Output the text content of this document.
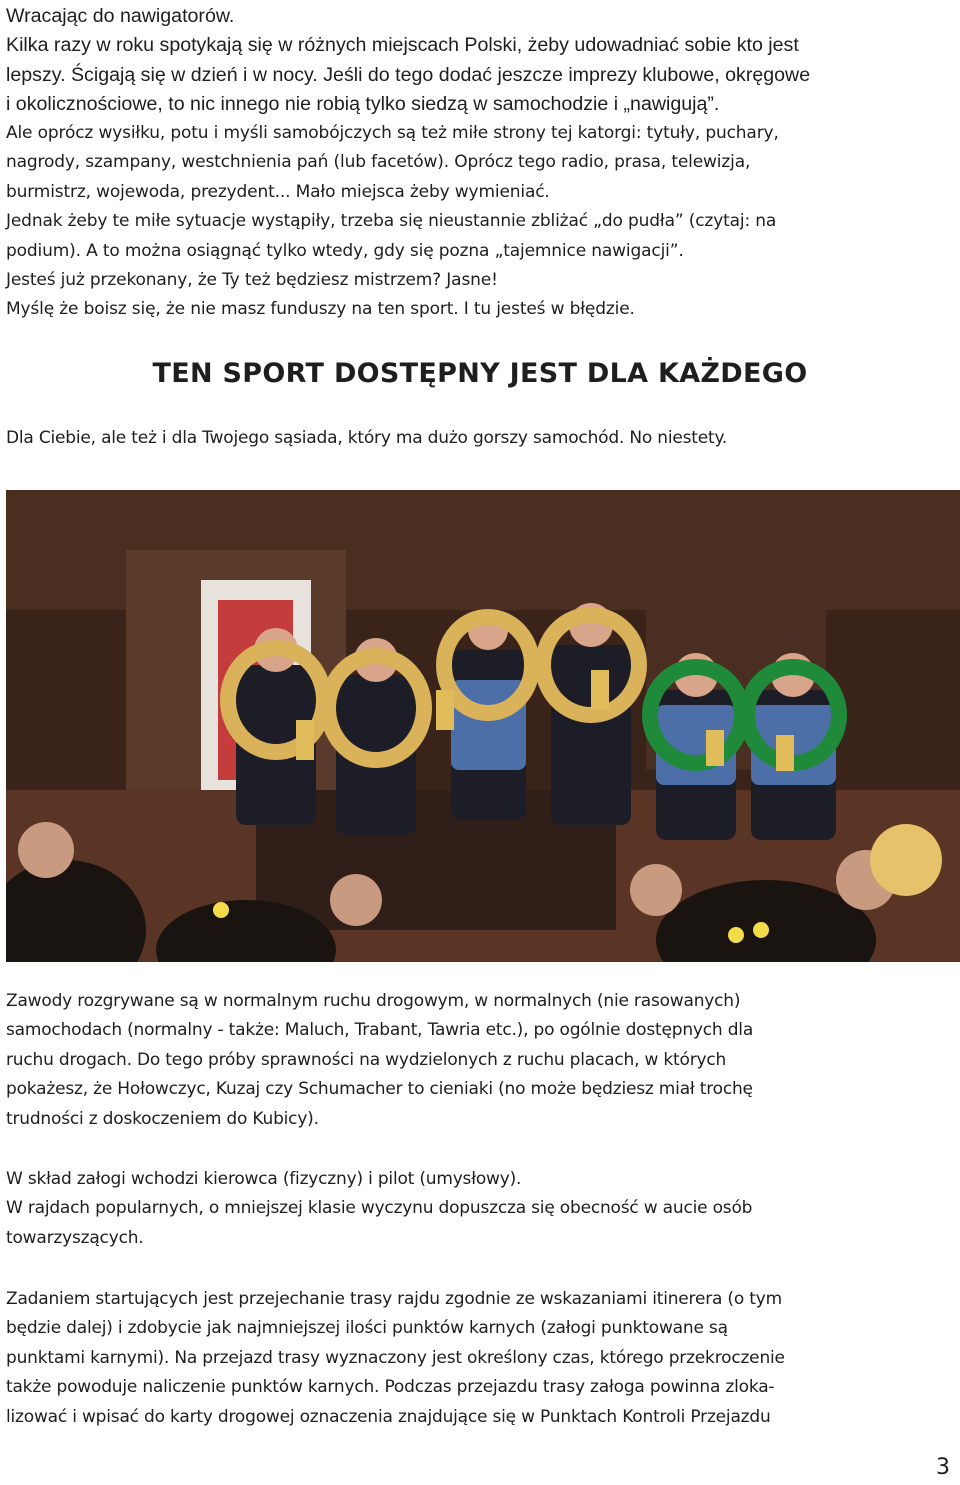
Wracając do nawigatorów.
Kilka razy w roku spotykają się w różnych miejscach Polski, żeby udowadniać sobie kto jest
lepszy. Ścigają się w dzień i w nocy. Jeśli do tego dodać jeszcze imprezy klubowe, okręgowe
i okolicznościowe, to nic innego nie robią tylko siedzą w samochodzie i „nawigują”.
Ale oprócz wysiłku, potu i myśli samobójczych są też miłe strony tej katorgi: tytuły, puchary,
nagrody, szampany, westchnienia pań (lub facetów). Oprócz tego radio, prasa, telewizja,
burmistrz, wojewoda, prezydent... Mało miejsca żeby wymieniać.
Jednak żeby te miłe sytuacje wystąpiły, trzeba się nieustannie zbliżać „do pudła” (czytaj: na
podium). A to można osiągnąć tylko wtedy, gdy się pozna „tajemnice nawigacji”.
Jesteś już przekonany, że Ty też będziesz mistrzem? Jasne!
Myślę że boisz się, że nie masz funduszy na ten sport. I tu jesteś w błędzie.
TEN SPORT DOSTĘPNY JEST DLA KAŻDEGO
Dla Ciebie, ale też i dla Twojego sąsiada, który ma dużo gorszy samochód. No niestety.
Zawody rozgrywane są w normalnym ruchu drogowym, w normalnych (nie rasowanych)
samochodach (normalny - także: Maluch, Trabant, Tawria etc.), po ogólnie dostępnych dla
ruchu drogach. Do tego próby sprawności na wydzielonych z ruchu placach, w których
pokażesz, że Hołowczyc, Kuzaj czy Schumacher to cieniaki (no może będziesz miał trochę
trudności z doskoczeniem do Kubicy).
W skład załogi wchodzi kierowca (fizyczny) i pilot (umysłowy).
W rajdach popularnych, o mniejszej klasie wyczynu dopuszcza się obecność w aucie osób
towarzyszących.
Zadaniem startujących jest przejechanie trasy rajdu zgodnie ze wskazaniami itinerera (o tym
będzie dalej) i zdobycie jak najmniejszej ilości punktów karnych (załogi punktowane są
punktami karnymi). Na przejazd trasy wyznaczony jest określony czas, którego przekroczenie
także powoduje naliczenie punktów karnych. Podczas przejazdu trasy załoga powinna zloka-
lizować i wpisać do karty drogowej oznaczenia znajdujące się w Punktach Kontroli Przejazdu
3
